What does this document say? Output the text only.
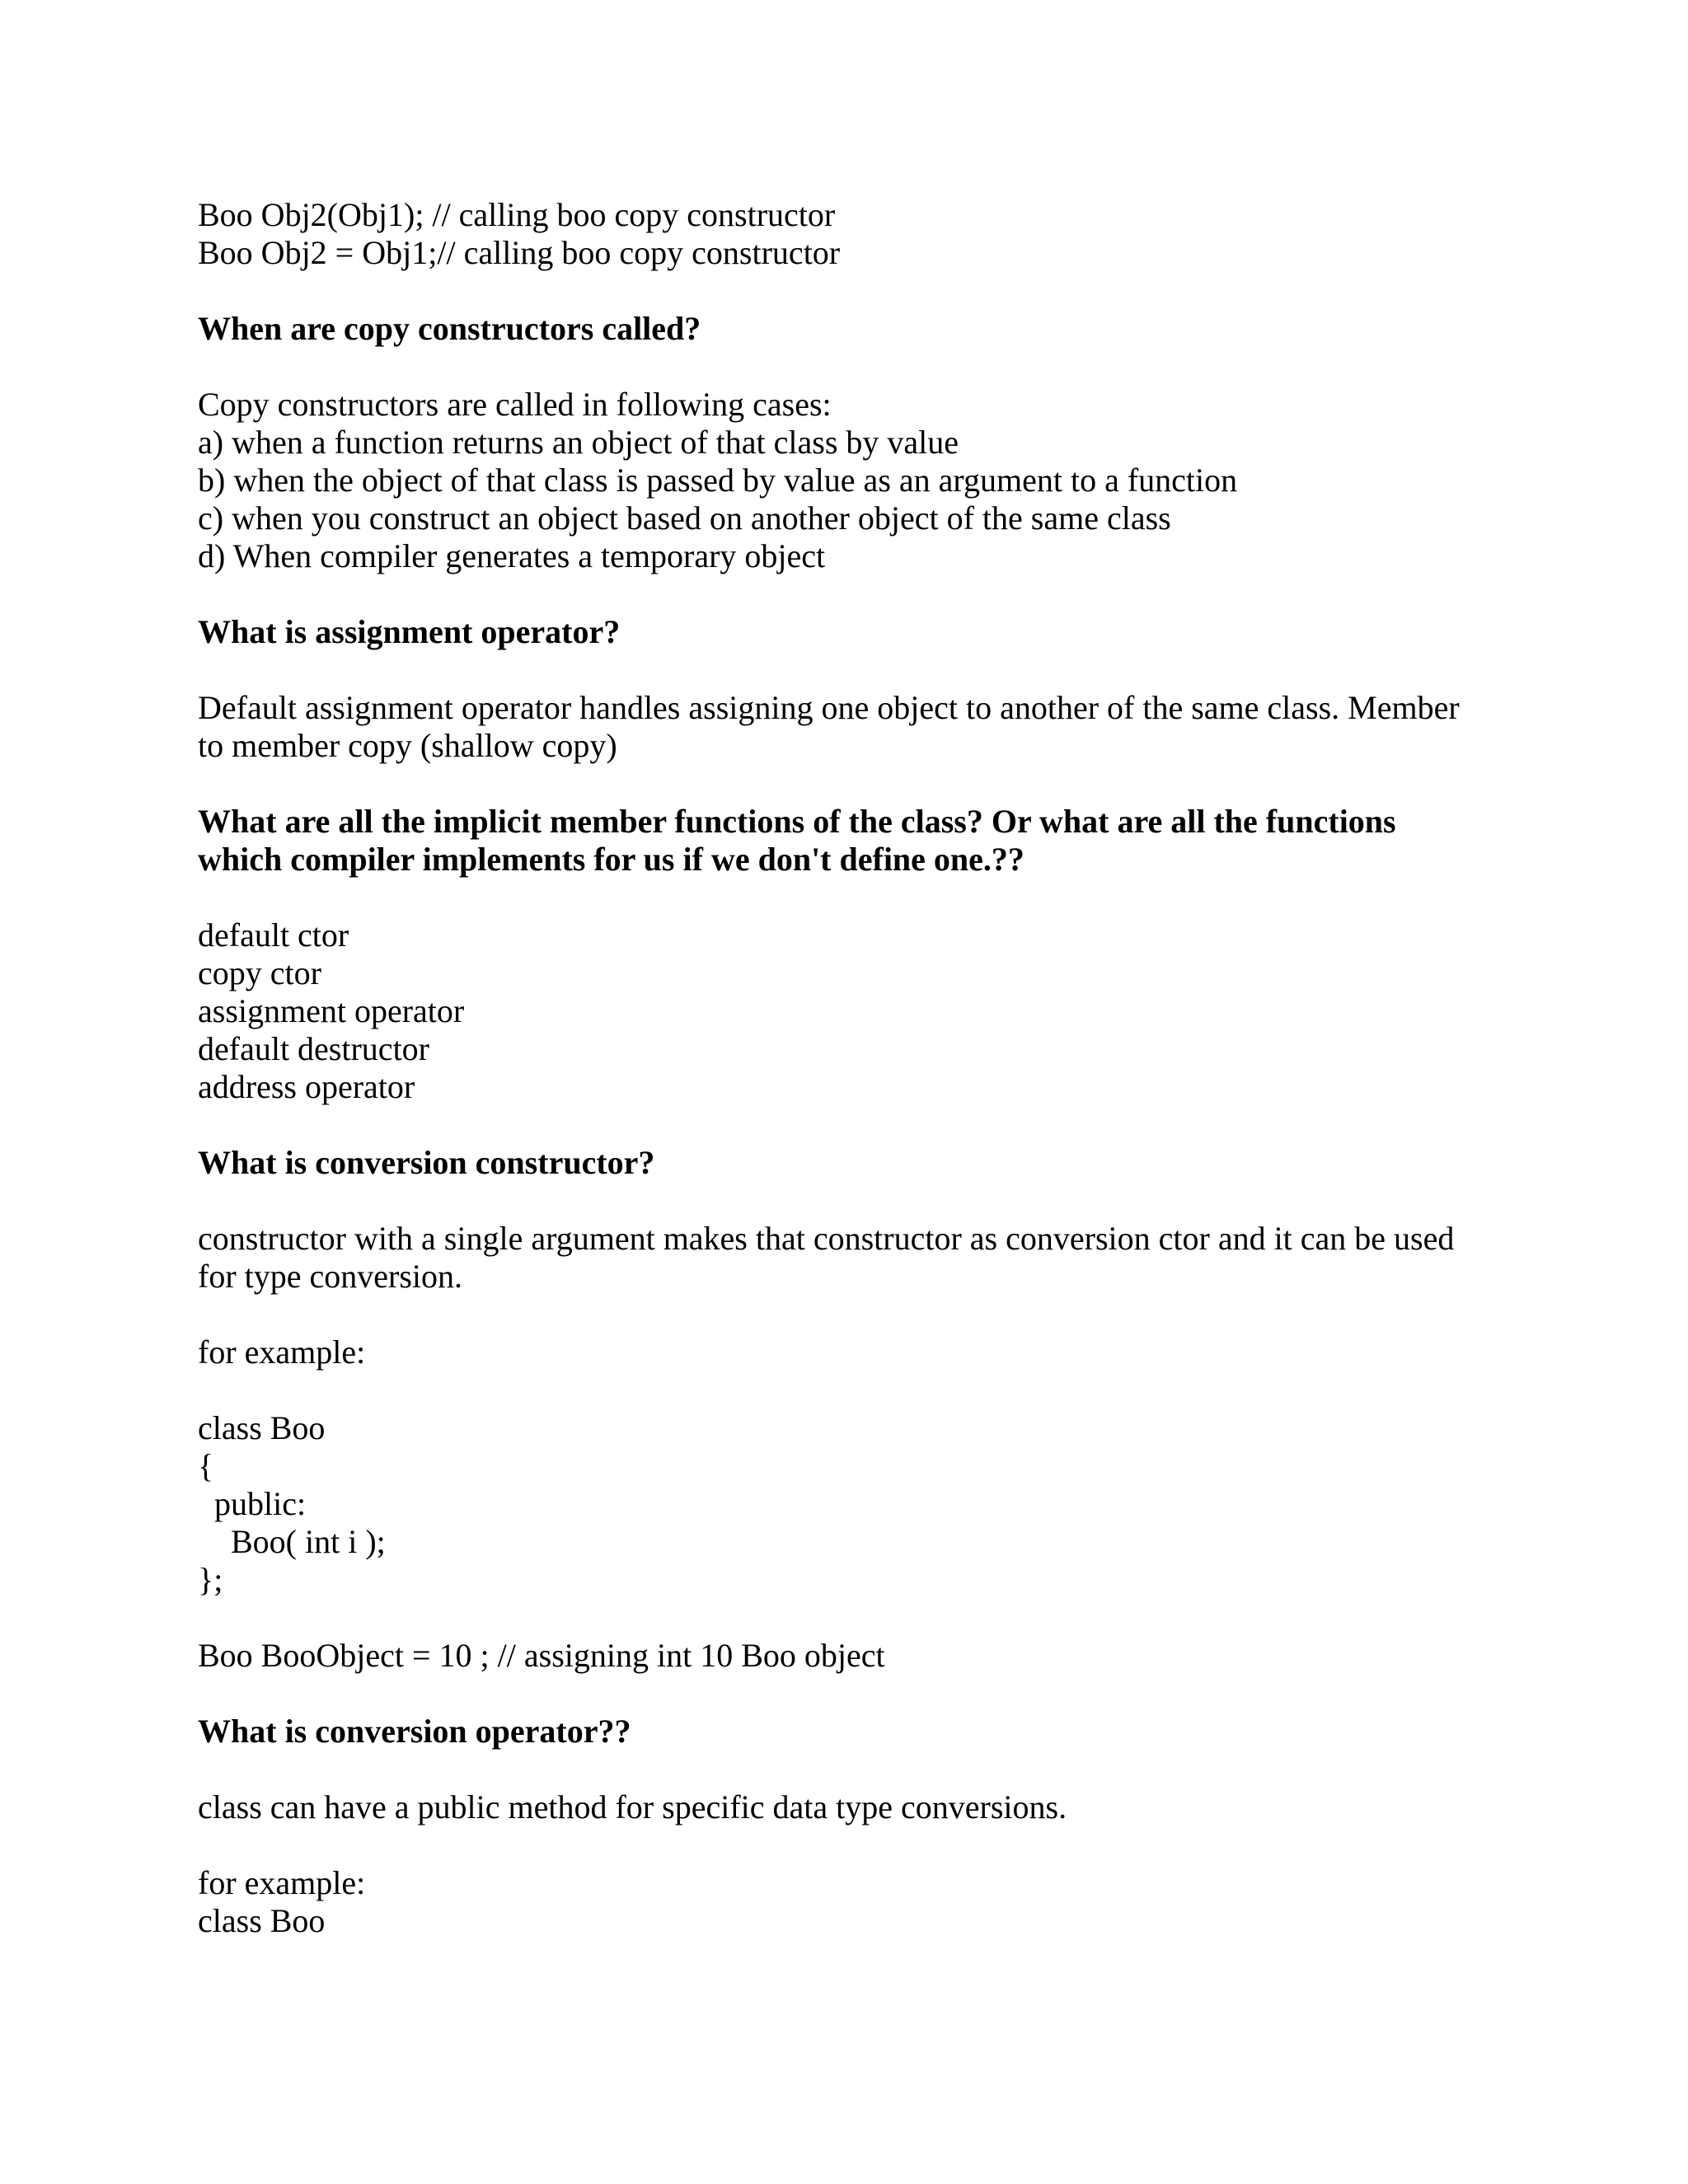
Boo Obj2(Obj1); // calling boo copy constructor

Boo Obj2 = Obj1;// calling boo copy constructor

When are copy constructors called?

Copy constructors are called in following cases:

a) when a function returns an object of that class by value

b) when the object of that class is passed by value as an argument to a function

c) when you construct an object based on another object of the same class

d) When compiler generates a temporary object

What is assignment operator?

Default assignment operator handles assigning one object to another of the same class. Member

to member copy (shallow copy)

What are all the implicit member functions of the class? Or what are all the functions

which compiler implements for us if we don't define one.??

default ctor

copy ctor

assignment operator

default destructor

address operator

What is conversion constructor?

constructor with a single argument makes that constructor as conversion ctor and it can be used

for type conversion.

for example:

class Boo

{

public:

Boo( int i );

};

Boo BooObject = 10 ; // assigning int 10 Boo object

What is conversion operator??

class can have a public method for specific data type conversions.

for example:

class Boo
